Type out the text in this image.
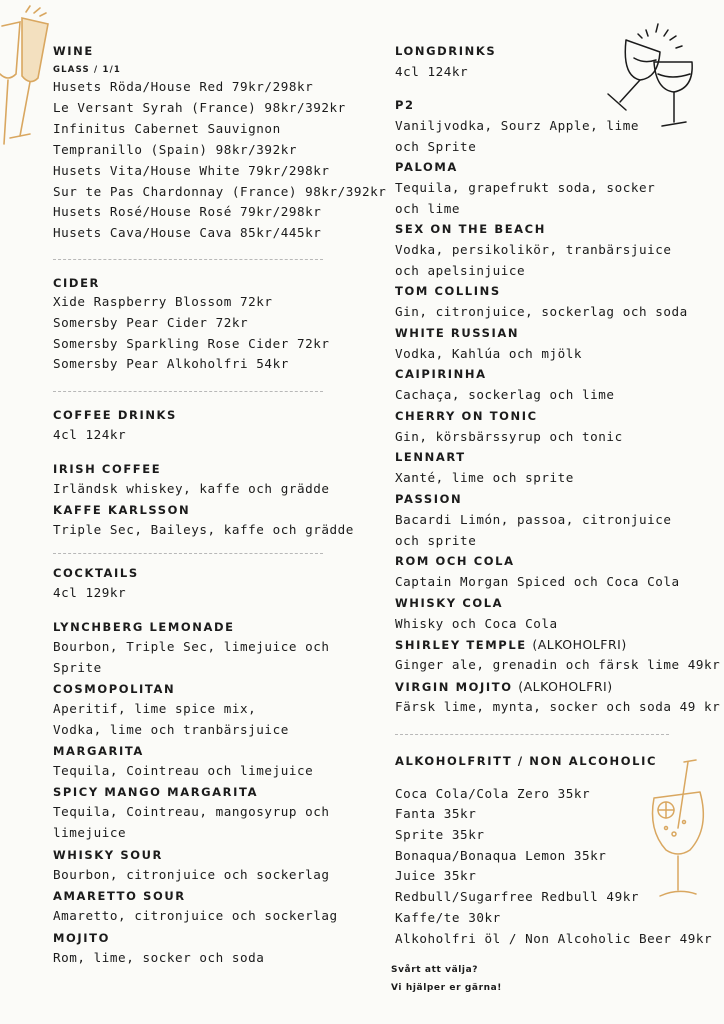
WINE
GLASS / 1/1
Husets Röda/House Red 79kr/298kr
Le Versant Syrah (France) 98kr/392kr
Infinitus Cabernet Sauvignon
Tempranillo (Spain) 98kr/392kr
Husets Vita/House White 79kr/298kr
Sur te Pas Chardonnay (France) 98kr/392kr
Husets Rosé/House Rosé 79kr/298kr
Husets Cava/House Cava 85kr/445kr
CIDER
Xide Raspberry Blossom 72kr
Somersby Pear Cider 72kr
Somersby Sparkling Rose Cider 72kr
Somersby Pear Alkoholfri 54kr
COFFEE DRINKS
4cl 124kr
IRISH COFFEE
Irländsk whiskey, kaffe och grädde
KAFFE KARLSSON
Triple Sec, Baileys, kaffe och grädde
COCKTAILS
4cl 129kr
LYNCHBERG LEMONADE
Bourbon, Triple Sec, limejuice och
Sprite
COSMOPOLITAN
Aperitif, lime spice mix,
Vodka, lime och tranbärsjuice
MARGARITA
Tequila, Cointreau och limejuice
SPICY MANGO MARGARITA
Tequila, Cointreau, mangosyrup och
limejuice
WHISKY SOUR
Bourbon, citronjuice och sockerlag
AMARETTO SOUR
Amaretto, citronjuice och sockerlag
MOJITO
Rom, lime, socker och soda
LONGDRINKS
4cl 124kr
P2
Vaniljvodka, Sourz Apple, lime
och Sprite
PALOMA
Tequila, grapefrukt soda, socker
och lime
SEX ON THE BEACH
Vodka, persikolikör, tranbärsjuice
och apelsinjuice
TOM COLLINS
Gin, citronjuice, sockerlag och soda
WHITE RUSSIAN
Vodka, Kahlúa och mjölk
CAIPIRINHA
Cachaça, sockerlag och lime
CHERRY ON TONIC
Gin, körsbärssyrup och tonic
LENNART
Xanté, lime och sprite
PASSION
Bacardi Limón, passoa, citronjuice
och sprite
ROM OCH COLA
Captain Morgan Spiced och Coca Cola
WHISKY COLA
Whisky och Coca Cola
SHIRLEY TEMPLE (ALKOHOLFRI)
Ginger ale, grenadin och färsk lime 49kr
VIRGIN MOJITO (ALKOHOLFRI)
Färsk lime, mynta, socker och soda 49 kr
ALKOHOLFRITT / NON ALCOHOLIC
Coca Cola/Cola Zero 35kr
Fanta 35kr
Sprite 35kr
Bonaqua/Bonaqua Lemon 35kr
Juice 35kr
Redbull/Sugarfree Redbull 49kr
Kaffe/te 30kr
Alkoholfri öl / Non Alcoholic Beer 49kr
Svårt att välja?
Vi hjälper er gärna!
